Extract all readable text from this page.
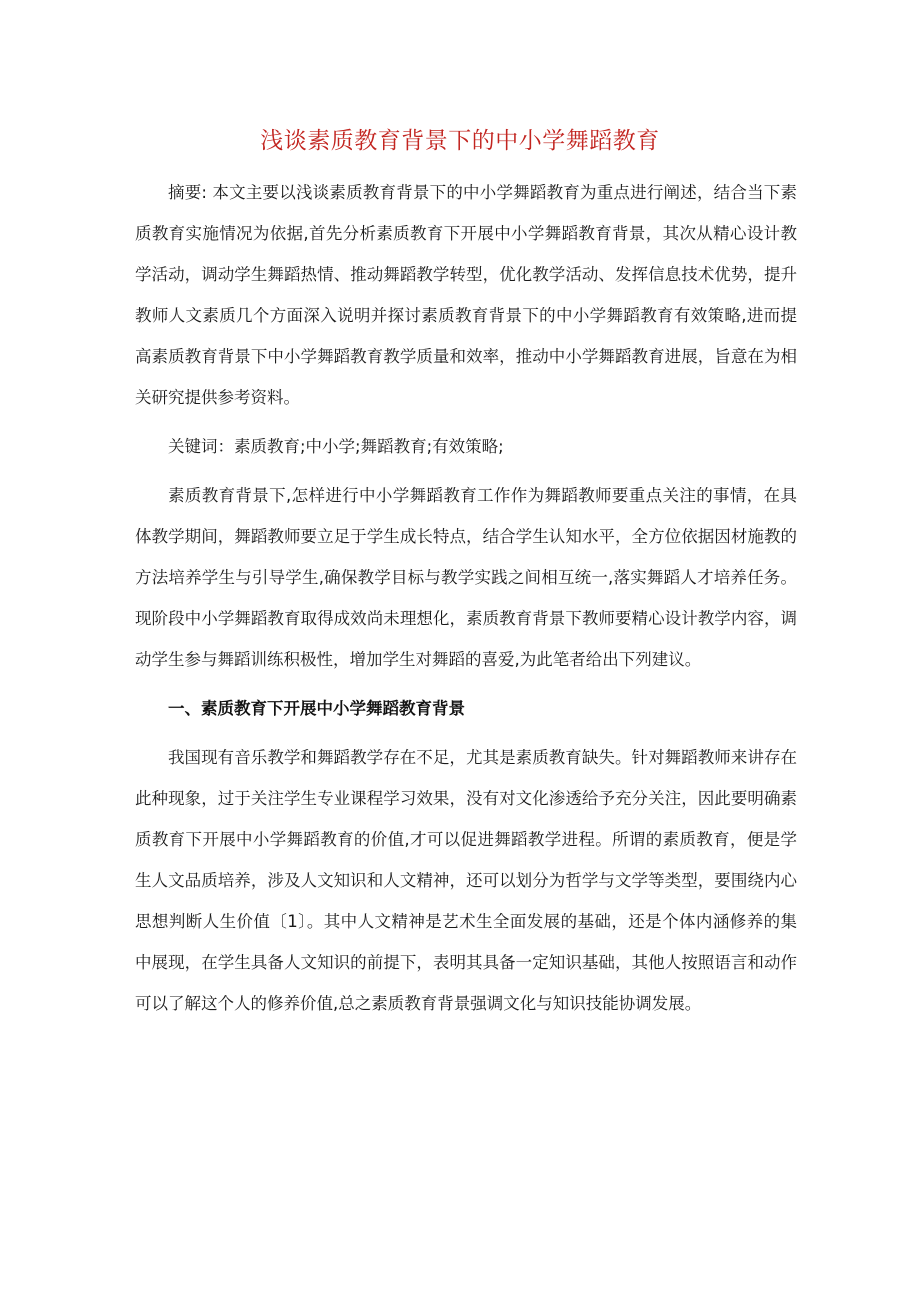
浅谈素质教育背景下的中小学舞蹈教育

摘要: 本文主要以浅谈素质教育背景下的中小学舞蹈教育为重点进行阐述，结合当下素质教育实施情况为依据,首先分析素质教育下开展中小学舞蹈教育背景，其次从精心设计教学活动，调动学生舞蹈热情、推动舞蹈教学转型，优化教学活动、发挥信息技术优势，提升教师人文素质几个方面深入说明并探讨素质教育背景下的中小学舞蹈教育有效策略,进而提高素质教育背景下中小学舞蹈教育教学质量和效率，推动中小学舞蹈教育进展，旨意在为相关研究提供参考资料。

关键词：素质教育;中小学;舞蹈教育;有效策略;

素质教育背景下,怎样进行中小学舞蹈教育工作作为舞蹈教师要重点关注的事情，在具体教学期间，舞蹈教师要立足于学生成长特点，结合学生认知水平，全方位依据因材施教的方法培养学生与引导学生,确保教学目标与教学实践之间相互统一,落实舞蹈人才培养任务。现阶段中小学舞蹈教育取得成效尚未理想化，素质教育背景下教师要精心设计教学内容，调动学生参与舞蹈训练积极性，增加学生对舞蹈的喜爱,为此笔者给出下列建议。

一、素质教育下开展中小学舞蹈教育背景

我国现有音乐教学和舞蹈教学存在不足，尤其是素质教育缺失。针对舞蹈教师来讲存在此种现象，过于关注学生专业课程学习效果，没有对文化渗透给予充分关注，因此要明确素质教育下开展中小学舞蹈教育的价值,才可以促进舞蹈教学进程。所谓的素质教育，便是学生人文品质培养，涉及人文知识和人文精神，还可以划分为哲学与文学等类型，要围绕内心思想判断人生价值〔1〕。其中人文精神是艺术生全面发展的基础，还是个体内涵修养的集中展现，在学生具备人文知识的前提下，表明其具备一定知识基础，其他人按照语言和动作可以了解这个人的修养价值,总之素质教育背景强调文化与知识技能协调发展。
